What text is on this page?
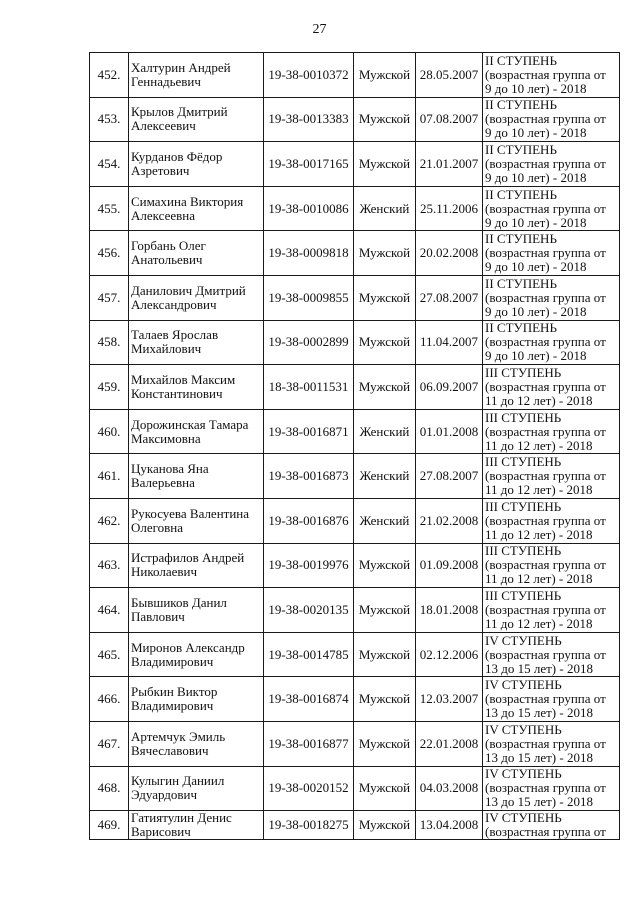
27
452.	Халтурин Андрей
Геннадьевич	19-38-0010372	Мужской	28.05.2007	II СТУПЕНЬ
(возрастная группа от
9 до 10 лет) - 2018

453.	Крылов Дмитрий
Алексеевич	19-38-0013383	Мужской	07.08.2007	II СТУПЕНЬ
(возрастная группа от
9 до 10 лет) - 2018

454.	Курданов Фёдор
Азретович	19-38-0017165	Мужской	21.01.2007	II СТУПЕНЬ
(возрастная группа от
9 до 10 лет) - 2018

455.	Симахина Виктория
Алексеевна	19-38-0010086	Женский	25.11.2006	II СТУПЕНЬ
(возрастная группа от
9 до 10 лет) - 2018

456.	Горбань Олег
Анатольевич	19-38-0009818	Мужской	20.02.2008	II СТУПЕНЬ
(возрастная группа от
9 до 10 лет) - 2018

457.	Данилович Дмитрий
Александрович	19-38-0009855	Мужской	27.08.2007	II СТУПЕНЬ
(возрастная группа от
9 до 10 лет) - 2018

458.	Талаев Ярослав
Михайлович	19-38-0002899	Мужской	11.04.2007	II СТУПЕНЬ
(возрастная группа от
9 до 10 лет) - 2018

459.	Михайлов Максим
Константинович	18-38-0011531	Мужской	06.09.2007	III СТУПЕНЬ
(возрастная группа от
11 до 12 лет) - 2018

460.	Дорожинская Тамара
Максимовна	19-38-0016871	Женский	01.01.2008	III СТУПЕНЬ
(возрастная группа от
11 до 12 лет) - 2018

461.	Цуканова Яна
Валерьевна	19-38-0016873	Женский	27.08.2007	III СТУПЕНЬ
(возрастная группа от
11 до 12 лет) - 2018

462.	Рукосуева Валентина
Олеговна	19-38-0016876	Женский	21.02.2008	III СТУПЕНЬ
(возрастная группа от
11 до 12 лет) - 2018

463.	Истрафилов Андрей
Николаевич	19-38-0019976	Мужской	01.09.2008	III СТУПЕНЬ
(возрастная группа от
11 до 12 лет) - 2018

464.	Бывшиков Данил
Павлович	19-38-0020135	Мужской	18.01.2008	III СТУПЕНЬ
(возрастная группа от
11 до 12 лет) - 2018

465.	Миронов Александр
Владимирович	19-38-0014785	Мужской	02.12.2006	IV СТУПЕНЬ
(возрастная группа от
13 до 15 лет) - 2018

466.	Рыбкин Виктор
Владимирович	19-38-0016874	Мужской	12.03.2007	IV СТУПЕНЬ
(возрастная группа от
13 до 15 лет) - 2018

467.	Артемчук Эмиль
Вячеславович	19-38-0016877	Мужской	22.01.2008	IV СТУПЕНЬ
(возрастная группа от
13 до 15 лет) - 2018

468.	Кулыгин Даниил
Эдуардович	19-38-0020152	Мужской	04.03.2008	IV СТУПЕНЬ
(возрастная группа от
13 до 15 лет) - 2018

469.	Гатиятулин Денис
Варисович	19-38-0018275	Мужской	13.04.2008	IV СТУПЕНЬ
(возрастная группа от
